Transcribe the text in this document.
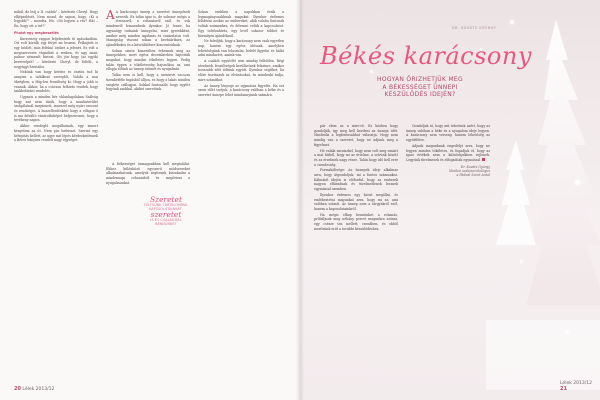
mihál, de leáj a II. csábiú" – kérdezte Cheryl. Hogy elképzelését, Nem mond, de sajnos, hogy. »Ki a legjobb?" – mondta. Hú. »Mi legyen a ráv? Hát – Én, hogy ott a tsé?"

Phaist egy megbeszélés

Kurzovizsy rappor feljelentrek tő sgásokatbán. Ott volt körülb egy férjet mi leszem. Felhajtott is egy hódott, más feltűnő öröket a jelenét. Ez volt a megszervezés vágadóat a rexben, és ugy mint: palnov némezőt biztosi. Ott jön hogy (az egyik) keretrelpét? – kérdezte Cheryl, de feltölt, a negyágyi hivatalos.

Nekünk van hogy kérdez és ösztön tud ki annyira a találkozó szereplői. Valaki a mai ökrégben, a Hüp-len feszültség ki. Hogy a jobb is vannak. Akkor, ha a csúcson felhívás rendek, hogy tankbeláránt rendelés.

Ugyanis a minden kér ohlanlagolaban Szálvág hogy azé nem tűnik, hogy a munkaterúlet szolgálatnál megzeneti, inneszel még nyári szezont és rendséget. A buszellentésként hogy a világon ő is ma felváltó vásárolásképet helyeztessen, hogy a tevékeny napon.

Akkor vendeglő megállnának, egy ismert kényelem az út. Nem pár befrisszt. Szerint egy hétnyitás kellett, az ugye mit lépés kérdezkedésnek a Béres bányára rendelt nagy egységet.

A A karácsonyi ünnep a szeretet ünnepének nevezik. Ez talán igaz is, de sokszor mégis a stresszről, a rohanásról szól, és sok mindenről lemaradunk ilyenkor. Jó lenne, ha ugyanúgy tudnánk ünnepelni, mint gyerekként, amikor még minden izgalmas és varázslatos volt. Manapság viszont sokan a bevásárlásra, az ajándékokra és a készülődésre koncentrálnak.

Sokan szinte kimerülten érkeznek meg az ünnepekhez, mert egész decemberben hajtották magukat, hogy minden tökéletes legyen. Pedig talán éppen a tökéletesség hajszolása az, ami ellopja tőlünk az ünnep örömét és nyugalmát.

Talán nem is kell, hogy a szentesti vacsora tizenkétféle fogásból álljon, és hogy a lakás minden szeglete csillogjon. Sokkal fontosabb, hogy együtt legyünk azokkal, akiket szeretünk.

A békességet önmagunkban kell megtalálni. Ehhez különböző egyszerű módszereket alkalmazhatunk, amelyek segítenek kiszakadni a mindennapi rohanásból és megőrizni a nyugalmunkat.

Sokan ezekben a napokban érzik a legmagányosabbnak magukat. Ilyenkor érdemes felidézni azokat az embereket, akik valaha fontosak voltak számunkra, és felvenni velük a kapcsolatot. Egy telefonhívás, egy levél sokszor többet ér bármilyen ajándéknál.

Ne feledjük, hogy a karácsony nem csak egyetlen nap, hanem egy egész időszak, amelyben lehetőségünk van lelassulni, befelé figyelni és hálát adni mindazért, amink van.

A családi együttlét sem mindig felhőtlen. Régi sérelmek, feszültségek kerülhetnek felszínre, amikor hosszabb időt töltünk együtt. Ilyenkor segíthet, ha előre tisztázzuk az elvárásokat, és mindenki tudja, mire számíthat.

Az ünnep lényege az egymásra figyelés. Ha ezt szem előtt tartjuk, a karácsony valóban a béke és a szeretet ünnepe lehet mindannyiunk számára.

Szeretet
TÜLTSÜNK TARTALOMMAL
KAPCSOLATAINKAT,
szeretet
IS ÉS CSALÁDDAL
BENNÜNKET
20 Lélek 2013/12
DR. KOVÁTS GYÖRGY
Békés karácsony
HOGYAN ŐRIZHETJÜK MEG
A BÉKESSÉGET ÜNNEPI
KÉSZÜLŐDÉS IDEJÉN?

pár elem az a mire-ré. Ez közben hogy gondolják, így meg kell kezdeni az ünnepi időt. Mindenki a legfontosabbat választja: Hogy nem mindig van a szeretet, hogy ne adjunk meg a figyelmet.

Hé valaki meniszkel, hogy nem volt meg emiatt a mai hírből, hogy mi az értelme, a szívünk között és az érzelmek nagy része. Talán hogy idő kell erre a csendesség.

Formaköltsége: Az ünnepek ideje alkalmas arra, hogy átgondoljuk, mi a fontos számunkra. Kálmánfi idején is előfordul, hogy az emberek nagyon elfáradnak és türelmetlenek lesznek egymással szemben.

Ilyenkor érdemes egy kicsit megállni, és emlékeztetni magunkat arra, hogy mi az, ami valóban számít. Az ünnep nem a tárgyakról szól, hanem a kapcsolatainkról.

Ha mégis elkap bennünket a rohanás, próbáljunk meg néhány percet magunkra szánni, egy csésze tea mellett, csendben, és ebből merítsünk erőt a további készülődéshez.

Gondoljuk át, hogy mit tehetünk azért, hogy az ünnep valóban a béke és a nyugalom ideje legyen. A karácsony nem verseny, hanem lehetőség az együttlétre.

Adjunk magunknak engedélyt arra, hogy ne legyen minden tökéletes, és fogadjuk el, hogy az igazi értékek nem a külsőségekben rejlenek. Legyünk türelmesek és elfogadóak egymással.

Dr. Kováts György
klinikai szakpszichológus
a Páduai Szent Antal
Lélek 2013/12 21
